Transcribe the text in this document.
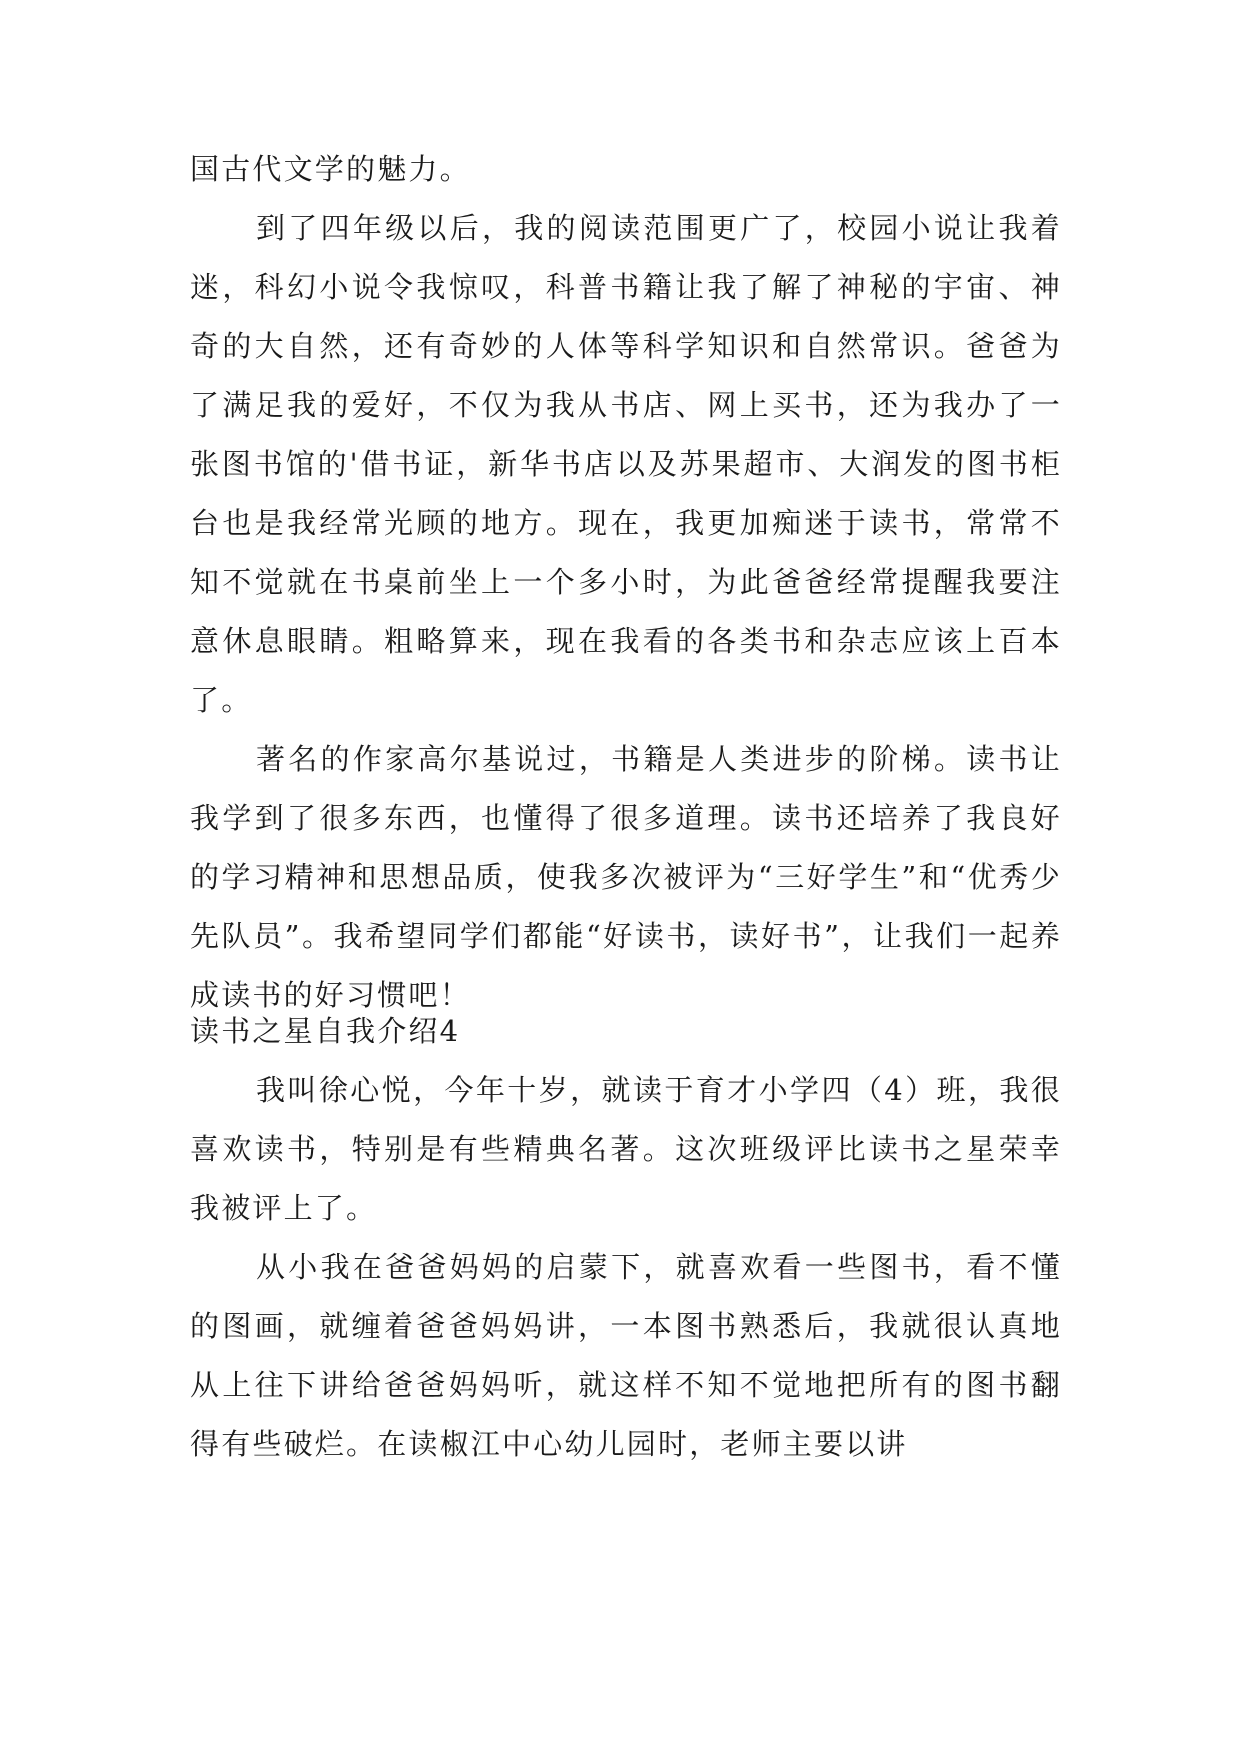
国古代文学的魅力。

到了四年级以后，我的阅读范围更广了，校园小说让我着迷，科幻小说令我惊叹，科普书籍让我了解了神秘的宇宙、神奇的大自然，还有奇妙的人体等科学知识和自然常识。爸爸为了满足我的爱好，不仅为我从书店、网上买书，还为我办了一张图书馆的'借书证，新华书店以及苏果超市、大润发的图书柜台也是我经常光顾的地方。现在，我更加痴迷于读书，常常不知不觉就在书桌前坐上一个多小时，为此爸爸经常提醒我要注意休息眼睛。粗略算来，现在我看的各类书和杂志应该上百本了。

著名的作家高尔基说过，书籍是人类进步的阶梯。读书让我学到了很多东西，也懂得了很多道理。读书还培养了我良好的学习精神和思想品质，使我多次被评为“三好学生”和“优秀少先队员”。我希望同学们都能“好读书，读好书”，让我们一起养成读书的好习惯吧！

读书之星自我介绍4

我叫徐心悦，今年十岁，就读于育才小学四（4）班，我很喜欢读书，特别是有些精典名著。这次班级评比读书之星荣幸我被评上了。

从小我在爸爸妈妈的启蒙下，就喜欢看一些图书，看不懂的图画，就缠着爸爸妈妈讲，一本图书熟悉后，我就很认真地从上往下讲给爸爸妈妈听，就这样不知不觉地把所有的图书翻得有些破烂。在读椒江中心幼儿园时，老师主要以讲
